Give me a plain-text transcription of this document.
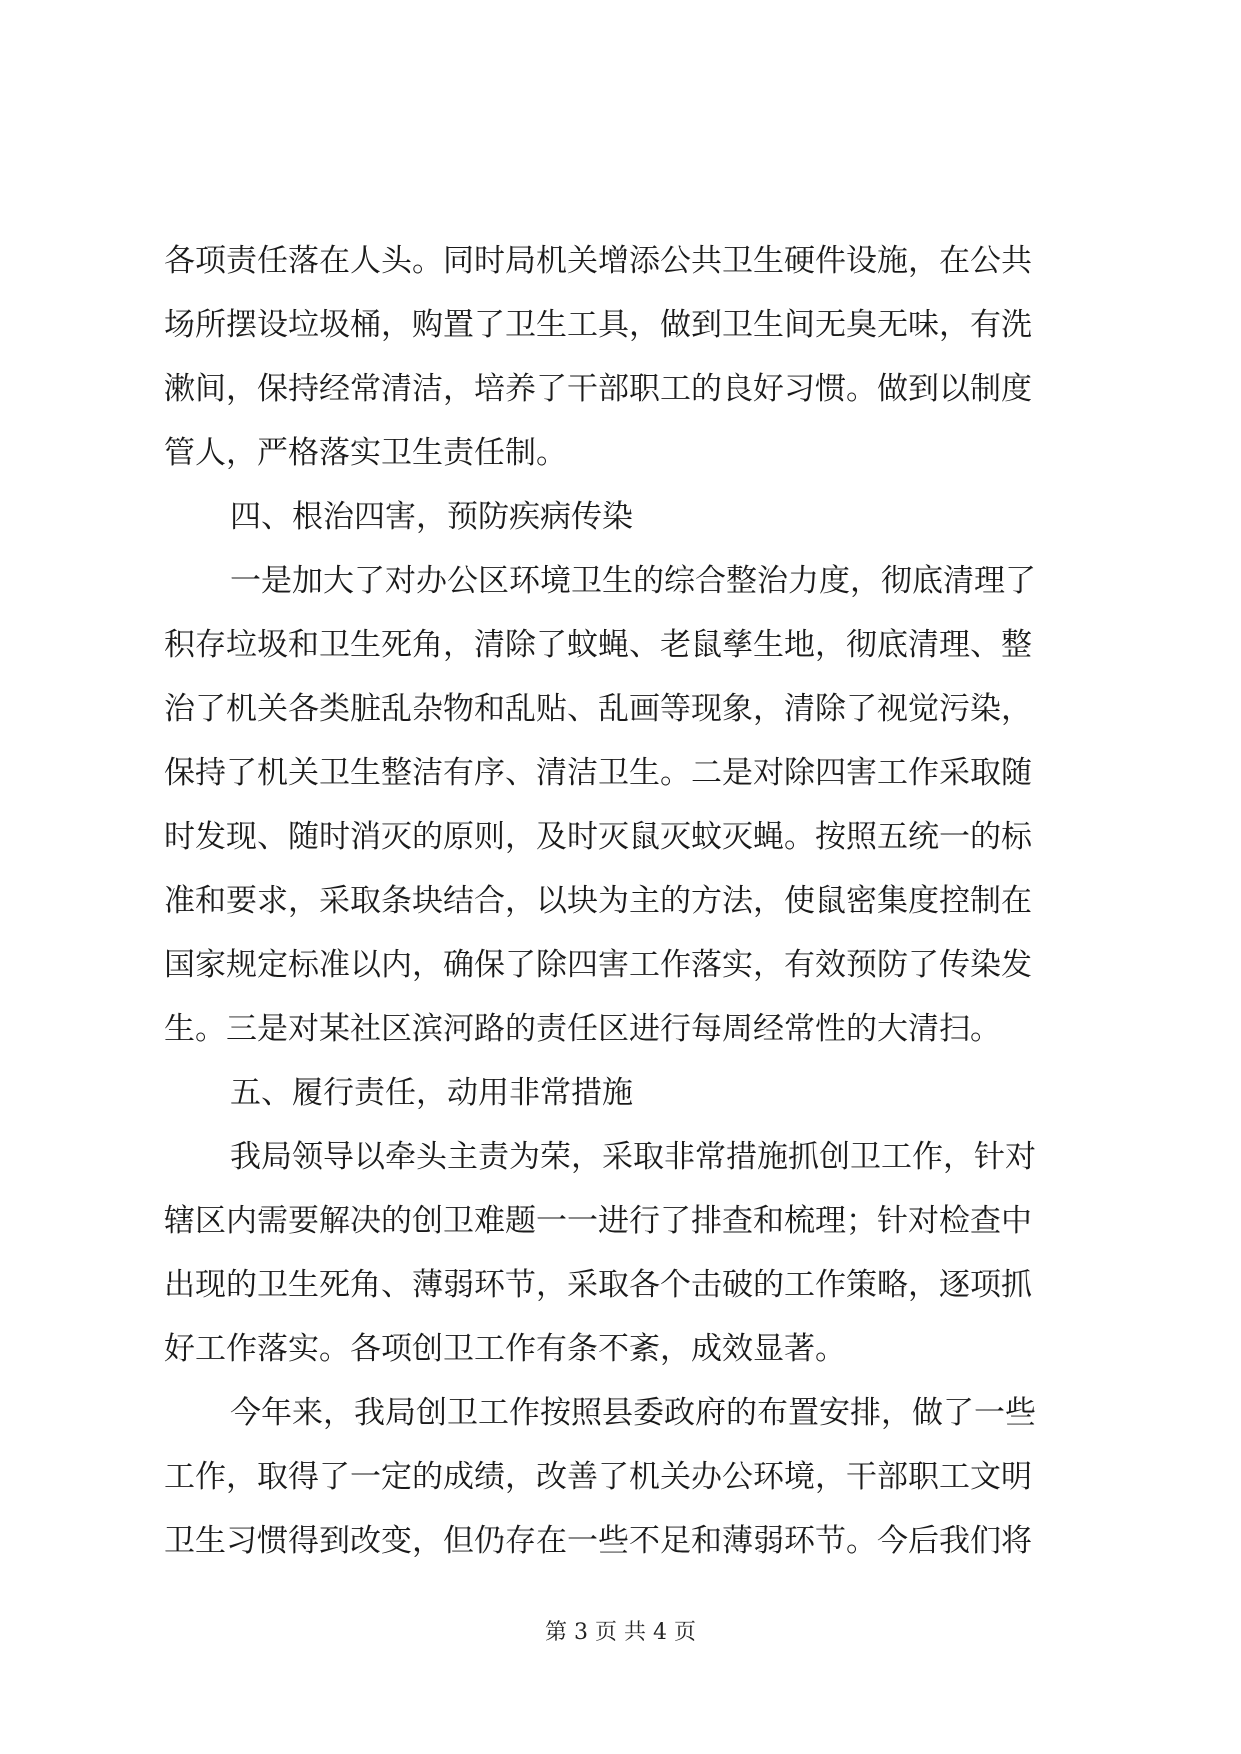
各项责任落在人头。同时局机关增添公共卫生硬件设施，在公共
场所摆设垃圾桶，购置了卫生工具，做到卫生间无臭无味，有洗
漱间，保持经常清洁，培养了干部职工的良好习惯。做到以制度
管人，严格落实卫生责任制。
四、根治四害，预防疾病传染
一是加大了对办公区环境卫生的综合整治力度，彻底清理了
积存垃圾和卫生死角，清除了蚊蝇、老鼠孳生地，彻底清理、整
治了机关各类脏乱杂物和乱贴、乱画等现象，清除了视觉污染，
保持了机关卫生整洁有序、清洁卫生。二是对除四害工作采取随
时发现、随时消灭的原则，及时灭鼠灭蚊灭蝇。按照五统一的标
准和要求，采取条块结合，以块为主的方法，使鼠密集度控制在
国家规定标准以内，确保了除四害工作落实，有效预防了传染发
生。三是对某社区滨河路的责任区进行每周经常性的大清扫。
五、履行责任，动用非常措施
我局领导以牵头主责为荣，采取非常措施抓创卫工作，针对
辖区内需要解决的创卫难题一一进行了排查和梳理；针对检查中
出现的卫生死角、薄弱环节，采取各个击破的工作策略，逐项抓
好工作落实。各项创卫工作有条不紊，成效显著。
今年来，我局创卫工作按照县委政府的布置安排，做了一些
工作，取得了一定的成绩，改善了机关办公环境，干部职工文明
卫生习惯得到改变，但仍存在一些不足和薄弱环节。今后我们将
第 3 页 共 4 页
